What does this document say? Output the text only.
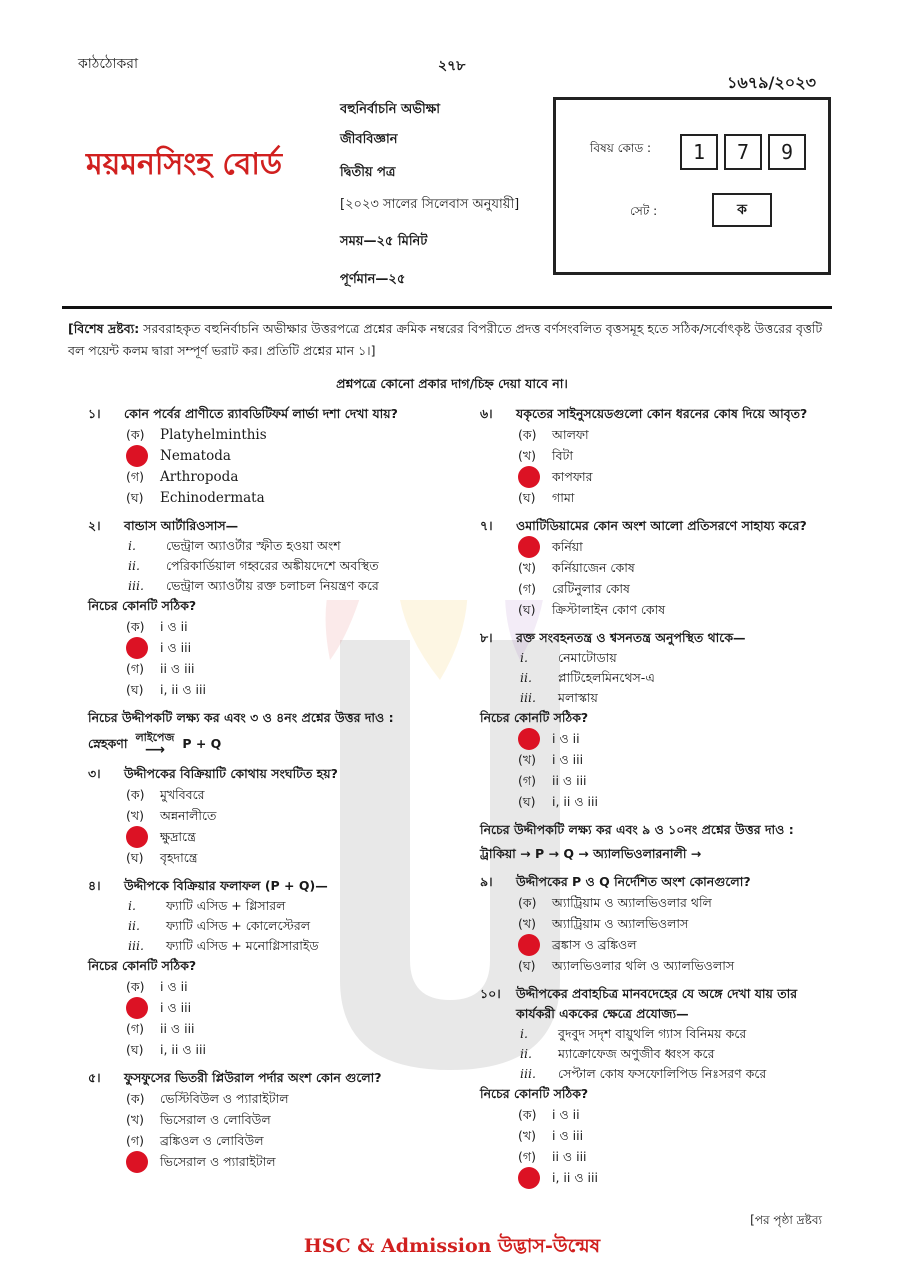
কাঠঠোকরা	২৭৮
১৬৭৯/২০২৩
ময়মনসিংহ বোর্ড
বহুনির্বাচনি অভীক্ষা
জীববিজ্ঞান
দ্বিতীয় পত্র
[২০২৩ সালের সিলেবাস অনুযায়ী]
সময়—২৫ মিনিট
পূর্ণমান—২৫
বিষয় কোড :	1	7	9
সেট :	ক
[বিশেষ দ্রষ্টব্য: সরবরাহকৃত বহুনির্বাচনি অভীক্ষার উত্তরপত্রে প্রশ্নের ক্রমিক নম্বরের বিপরীতে প্রদত্ত বর্ণসংবলিত বৃত্তসমূহ হতে সঠিক/সর্বোৎকৃষ্ট উত্তরের বৃত্তটি বল পয়েন্ট কলম দ্বারা সম্পূর্ণ ভরাট কর। প্রতিটি প্রশ্নের মান ১।]
প্রশ্নপত্রে কোনো প্রকার দাগ/চিহ্ন দেয়া যাবে না।
১।	কোন পর্বের প্রাণীতে র‍্যাবডিটিফর্ম লার্ভা দশা দেখা যায়?
(ক)	Platyhelminthis
Nematoda
(গ)	Arthropoda
(ঘ)	Echinodermata
২।	বান্ডাস আর্টারিওসাস—
i.	ভেন্ট্রাল অ্যাওর্টার স্ফীত হওয়া অংশ
ii.	পেরিকার্ডিয়াল গহ্বরের অঙ্কীয়দেশে অবস্থিত
iii.	ভেন্ট্রাল অ্যাওর্টায় রক্ত চলাচল নিয়ন্ত্রণ করে
নিচের কোনটি সঠিক?
(ক)	i ও ii
i ও iii
(গ)	ii ও iii
(ঘ)	i, ii ও iii
নিচের উদ্দীপকটি লক্ষ্য কর এবং ৩ ও ৪নং প্রশ্নের উত্তর দাও :
স্নেহকণা লাইপেজ
⟶ P + Q
৩।	উদ্দীপকের বিক্রিয়াটি কোথায় সংঘটিত হয়?
(ক)	মুখবিবরে
(খ)	অন্ননালীতে
ক্ষুদ্রান্ত্রে
(ঘ)	বৃহদান্ত্রে
৪।	উদ্দীপকে বিক্রিয়ার ফলাফল (P + Q)—
i.	ফ্যাটি এসিড + গ্লিসারল
ii.	ফ্যাটি এসিড + কোলেস্টেরল
iii.	ফ্যাটি এসিড + মনোগ্লিসারাইড
নিচের কোনটি সঠিক?
(ক)	i ও ii
i ও iii
(গ)	ii ও iii
(ঘ)	i, ii ও iii
৫।	ফুসফুসের ভিতরী প্লিউরাল পর্দার অংশ কোন গুলো?
(ক)	ভেস্টিবিউল ও প্যারাইটাল
(খ)	ভিসেরাল ও লোবিউল
(গ)	ব্রঙ্কিওল ও লোবিউল
ভিসেরাল ও প্যারাইটাল
৬।	যকৃতের সাইনুসয়েডগুলো কোন ধরনের কোষ দিয়ে আবৃত?
(ক)	আলফা
(খ)	বিটা
কাপফার
(ঘ)	গামা
৭।	ওমাটিডিয়ামের কোন অংশ আলো প্রতিসরণে সাহায্য করে?
কর্নিয়া
(খ)	কর্নিয়াজেন কোষ
(গ)	রেটিনুলার কোষ
(ঘ)	ক্রিস্টালাইন কোণ কোষ
৮।	রক্ত সংবহনতন্ত্র ও শ্বসনতন্ত্র অনুপস্থিত থাকে—
i.	নেমাটোডায়
ii.	প্লাটিহেলমিনথেস-এ
iii.	মলাস্কায়
নিচের কোনটি সঠিক?
i ও ii
(খ)	i ও iii
(গ)	ii ও iii
(ঘ)	i, ii ও iii
নিচের উদ্দীপকটি লক্ষ্য কর এবং ৯ ও ১০নং প্রশ্নের উত্তর দাও :
ট্রাকিয়া → P → Q → অ্যালভিওলারনালী →
৯।	উদ্দীপকের P ও Q নির্দেশিত অংশ কোনগুলো?
(ক)	অ্যাট্রিয়াম ও অ্যালভিওলার থলি
(খ)	অ্যাট্রিয়াম ও অ্যালভিওলাস
ব্রঙ্কাস ও ব্রঙ্কিওল
(ঘ)	অ্যালভিওলার থলি ও অ্যালভিওলাস
১০।	উদ্দীপকের প্রবাহচিত্র মানবদেহের যে অঙ্গে দেখা যায় তার কার্যকরী এককের ক্ষেত্রে প্রযোজ্য—
i.	বুদবুদ সদৃশ বায়ুথলি গ্যাস বিনিময় করে
ii.	ম্যাক্রোফেজ অণুজীব ধ্বংস করে
iii.	সেপ্টাল কোষ ফসফোলিপিড নিঃসরণ করে
নিচের কোনটি সঠিক?
(ক)	i ও ii
(খ)	i ও iii
(গ)	ii ও iii
i, ii ও iii
[পর পৃষ্ঠা দ্রষ্টব্য
HSC & Admission উদ্ভাস-উন্মেষ
